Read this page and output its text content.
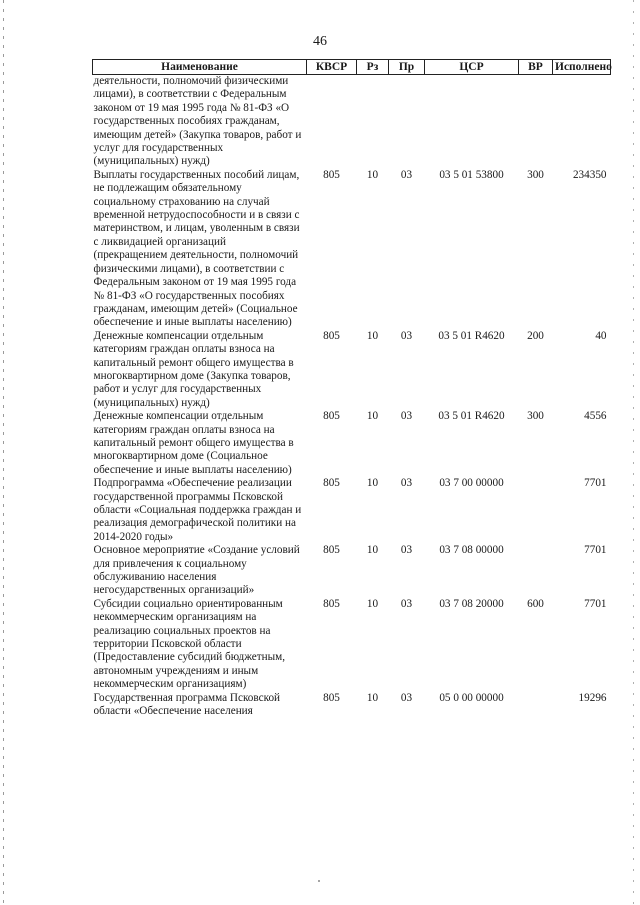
46
Наименование	КВСР	Рз	Пр	ЦСР	ВР	Исполнено
деятельности, полномочий физическими лицами), в соответствии с Федеральным законом от 19 мая 1995 года № 81-ФЗ «О государственных пособиях гражданам, имеющим детей» (Закупка товаров, работ и услуг для государственных (муниципальных) нужд)						
Выплаты государственных пособий лицам, не подлежащим обязательному социальному страхованию на случай временной нетрудоспособности и в связи с материнством, и лицам, уволенным в связи с ликвидацией организаций (прекращением деятельности, полномочий физическими лицами), в соответствии с Федеральным законом от 19 мая 1995 года № 81-ФЗ «О государственных пособиях гражданам, имеющим детей» (Социальное обеспечение и иные выплаты населению)	805	10	03	03 5 01 53800	300	234350
Денежные компенсации отдельным категориям граждан оплаты взноса на капитальный ремонт общего имущества в многоквартирном доме (Закупка товаров, работ и услуг для государственных (муниципальных) нужд)	805	10	03	03 5 01 R4620	200	40
Денежные компенсации отдельным категориям граждан оплаты взноса на капитальный ремонт общего имущества в многоквартирном доме (Социальное обеспечение и иные выплаты населению)	805	10	03	03 5 01 R4620	300	4556
Подпрограмма «Обеспечение реализации государственной программы Псковской области «Социальная поддержка граждан и реализация демографической политики на 2014-2020 годы»	805	10	03	03 7 00 00000		7701
Основное мероприятие «Создание условий для привлечения к социальному обслуживанию населения негосударственных организаций»	805	10	03	03 7 08 00000		7701
Субсидии социально ориентированным некоммерческим организациям на реализацию социальных проектов на территории Псковской области (Предоставление субсидий бюджетным, автономным учреждениям и иным некоммерческим организациям)	805	10	03	03 7 08 20000	600	7701
Государственная программа Псковской области «Обеспечение населения	805	10	03	05 0 00 00000		19296
